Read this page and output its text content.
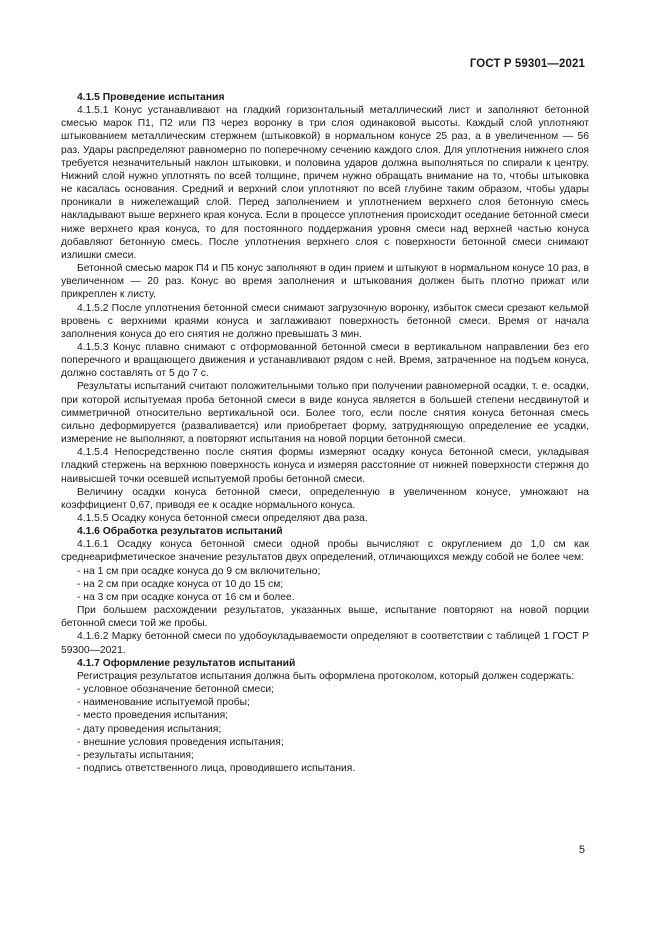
ГОСТ Р 59301—2021

4.1.5 Проведение испытания

4.1.5.1 Конус устанавливают на гладкий горизонтальный металлический лист и заполняют бетонной смесью марок П1, П2 или П3 через воронку в три слоя одинаковой высоты. Каждый слой уплотняют штыкованием металлическим стержнем (штыковкой) в нормальном конусе 25 раз, а в увеличенном — 56 раз. Удары распределяют равномерно по поперечному сечению каждого слоя. Для уплотнения нижнего слоя требуется незначительный наклон штыковки, и половина ударов должна выполняться по спирали к центру. Нижний слой нужно уплотнять по всей толщине, причем нужно обращать внимание на то, чтобы штыковка не касалась основания. Средний и верхний слои уплотняют по всей глубине таким образом, чтобы удары проникали в нижележащий слой. Перед заполнением и уплотнением верхнего слоя бетонную смесь накладывают выше верхнего края конуса. Если в процессе уплотнения происходит оседание бетонной смеси ниже верхнего края конуса, то для постоянного поддержания уровня смеси над верхней частью конуса добавляют бетонную смесь. После уплотнения верхнего слоя с поверхности бетонной смеси снимают излишки смеси.

Бетонной смесью марок П4 и П5 конус заполняют в один прием и штыкуют в нормальном конусе 10 раз, в увеличенном — 20 раз. Конус во время заполнения и штыкования должен быть плотно прижат или прикреплен к листу.

4.1.5.2 После уплотнения бетонной смеси снимают загрузочную воронку, избыток смеси срезают кельмой вровень с верхними краями конуса и заглаживают поверхность бетонной смеси. Время от начала заполнения конуса до его снятия не должно превышать 3 мин.

4.1.5.3 Конус плавно снимают с отформованной бетонной смеси в вертикальном направлении без его поперечного и вращающего движения и устанавливают рядом с ней. Время, затраченное на подъем конуса, должно составлять от 5 до 7 с.

Результаты испытаний считают положительными только при получении равномерной осадки, т. е. осадки, при которой испытуемая проба бетонной смеси в виде конуса является в большей степени несдвинутой и симметричной относительно вертикальной оси. Более того, если после снятия конуса бетонная смесь сильно деформируется (разваливается) или приобретает форму, затрудняющую определение ее усадки, измерение не выполняют, а повторяют испытания на новой порции бетонной смеси.

4.1.5.4 Непосредственно после снятия формы измеряют осадку конуса бетонной смеси, укладывая гладкий стержень на верхнюю поверхность конуса и измеряя расстояние от нижней поверхности стержня до наивысшей точки осевшей испытуемой пробы бетонной смеси.

Величину осадки конуса бетонной смеси, определенную в увеличенном конусе, умножают на коэффициент 0,67, приводя ее к осадке нормального конуса.

4.1.5.5 Осадку конуса бетонной смеси определяют два раза.

4.1.6 Обработка результатов испытаний

4.1.6.1 Осадку конуса бетонной смеси одной пробы вычисляют с округлением до 1,0 см как среднеарифметическое значение результатов двух определений, отличающихся между собой не более чем:

- на 1 см при осадке конуса до 9 см включительно;

- на 2 см при осадке конуса от 10 до 15 см;

- на 3 см при осадке конуса от 16 см и более.

При большем расхождении результатов, указанных выше, испытание повторяют на новой порции бетонной смеси той же пробы.

4.1.6.2 Марку бетонной смеси по удобоукладываемости определяют в соответствии с таблицей 1 ГОСТ Р 59300—2021.

4.1.7 Оформление результатов испытаний

Регистрация результатов испытания должна быть оформлена протоколом, который должен содержать:

- условное обозначение бетонной смеси;

- наименование испытуемой пробы;

- место проведения испытания;

- дату проведения испытания;

- внешние условия проведения испытания;

- результаты испытания;

- подпись ответственного лица, проводившего испытания.

5
